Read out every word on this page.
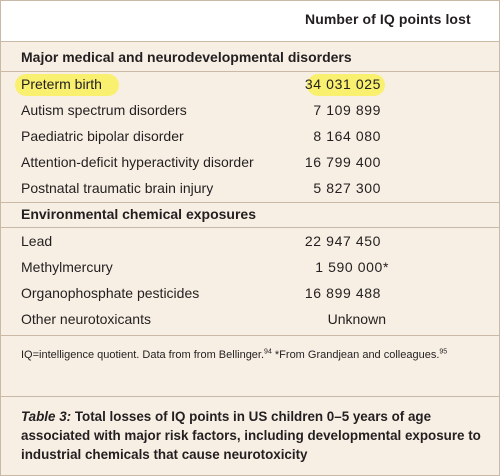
Number of IQ points lost
Major medical and neurodevelopmental disorders
Preterm birth	34 031 025
Autism spectrum disorders	7 109 899
Paediatric bipolar disorder	8 164 080
Attention-deficit hyperactivity disorder	16 799 400
Postnatal traumatic brain injury	5 827 300
Environmental chemical exposures
Lead	22 947 450
Methylmercury	1 590 000*
Organophosphate pesticides	16 899 488
Other neurotoxicants	Unknown
IQ=intelligence quotient. Data from from Bellinger.$^{94}$ *From Grandjean and colleagues.$^{95}$
Table 3: Total losses of IQ points in US children 0–5 years of age associated with major risk factors, including developmental exposure to industrial chemicals that cause neurotoxicity
